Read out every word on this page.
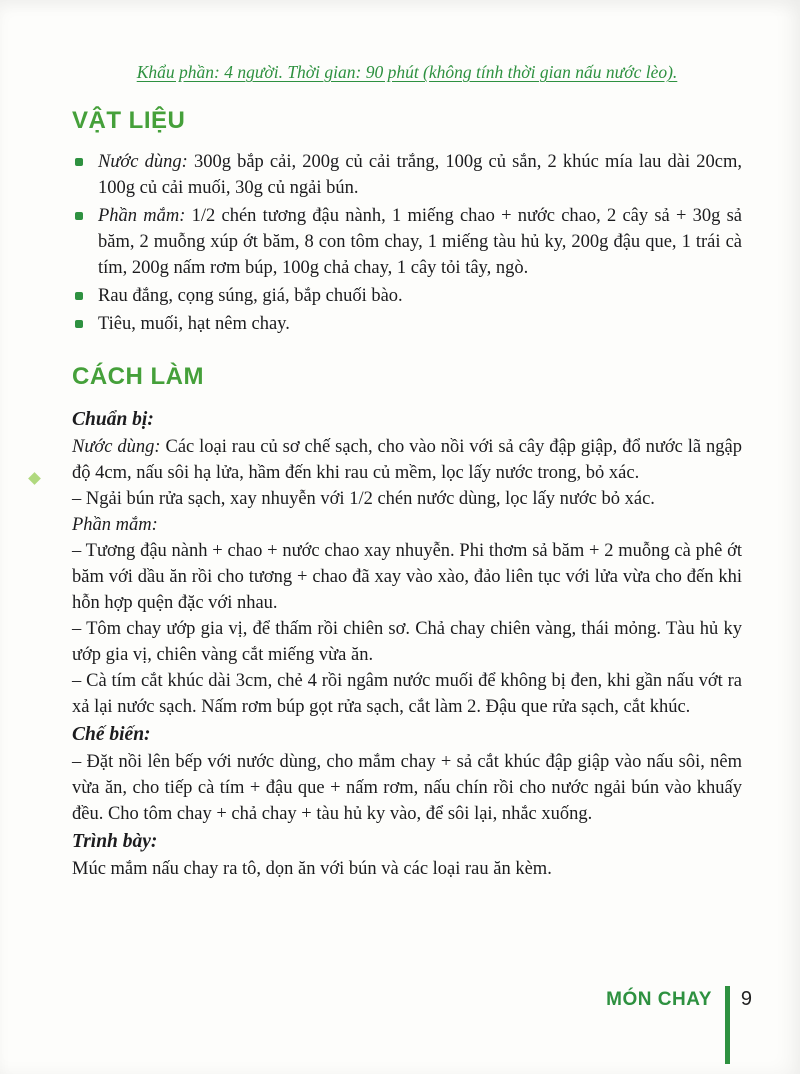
Khẩu phần: 4 người. Thời gian: 90 phút (không tính thời gian nấu nước lèo).

VẬT LIỆU
Nước dùng: 300g bắp cải, 200g củ cải trắng, 100g củ sắn, 2 khúc mía lau dài 20cm, 100g củ cải muối, 30g củ ngải bún.
Phần mắm: 1/2 chén tương đậu nành, 1 miếng chao + nước chao, 2 cây sả + 30g sả băm, 2 muỗng xúp ớt băm, 8 con tôm chay, 1 miếng tàu hủ ky, 200g đậu que, 1 trái cà tím, 200g nấm rơm búp, 100g chả chay, 1 cây tỏi tây, ngò.
Rau đắng, cọng súng, giá, bắp chuối bào.
Tiêu, muối, hạt nêm chay.
CÁCH LÀM

Chuẩn bị:

Nước dùng: Các loại rau củ sơ chế sạch, cho vào nồi với sả cây đập giập, đổ nước lã ngập độ 4cm, nấu sôi hạ lửa, hầm đến khi rau củ mềm, lọc lấy nước trong, bỏ xác.

– Ngải bún rửa sạch, xay nhuyễn với 1/2 chén nước dùng, lọc lấy nước bỏ xác.

Phần mắm:

– Tương đậu nành + chao + nước chao xay nhuyễn. Phi thơm sả băm + 2 muỗng cà phê ớt băm với dầu ăn rồi cho tương + chao đã xay vào xào, đảo liên tục với lửa vừa cho đến khi hỗn hợp quện đặc với nhau.

– Tôm chay ướp gia vị, để thấm rồi chiên sơ. Chả chay chiên vàng, thái mỏng. Tàu hủ ky ướp gia vị, chiên vàng cắt miếng vừa ăn.

– Cà tím cắt khúc dài 3cm, chẻ 4 rồi ngâm nước muối để không bị đen, khi gần nấu vớt ra xả lại nước sạch. Nấm rơm búp gọt rửa sạch, cắt làm 2. Đậu que rửa sạch, cắt khúc.

Chế biến:

– Đặt nồi lên bếp với nước dùng, cho mắm chay + sả cắt khúc đập giập vào nấu sôi, nêm vừa ăn, cho tiếp cà tím + đậu que + nấm rơm, nấu chín rồi cho nước ngải bún vào khuấy đều. Cho tôm chay + chả chay + tàu hủ ky vào, để sôi lại, nhắc xuống.

Trình bày:

Múc mắm nấu chay ra tô, dọn ăn với bún và các loại rau ăn kèm.

MÓN CHAY 9
